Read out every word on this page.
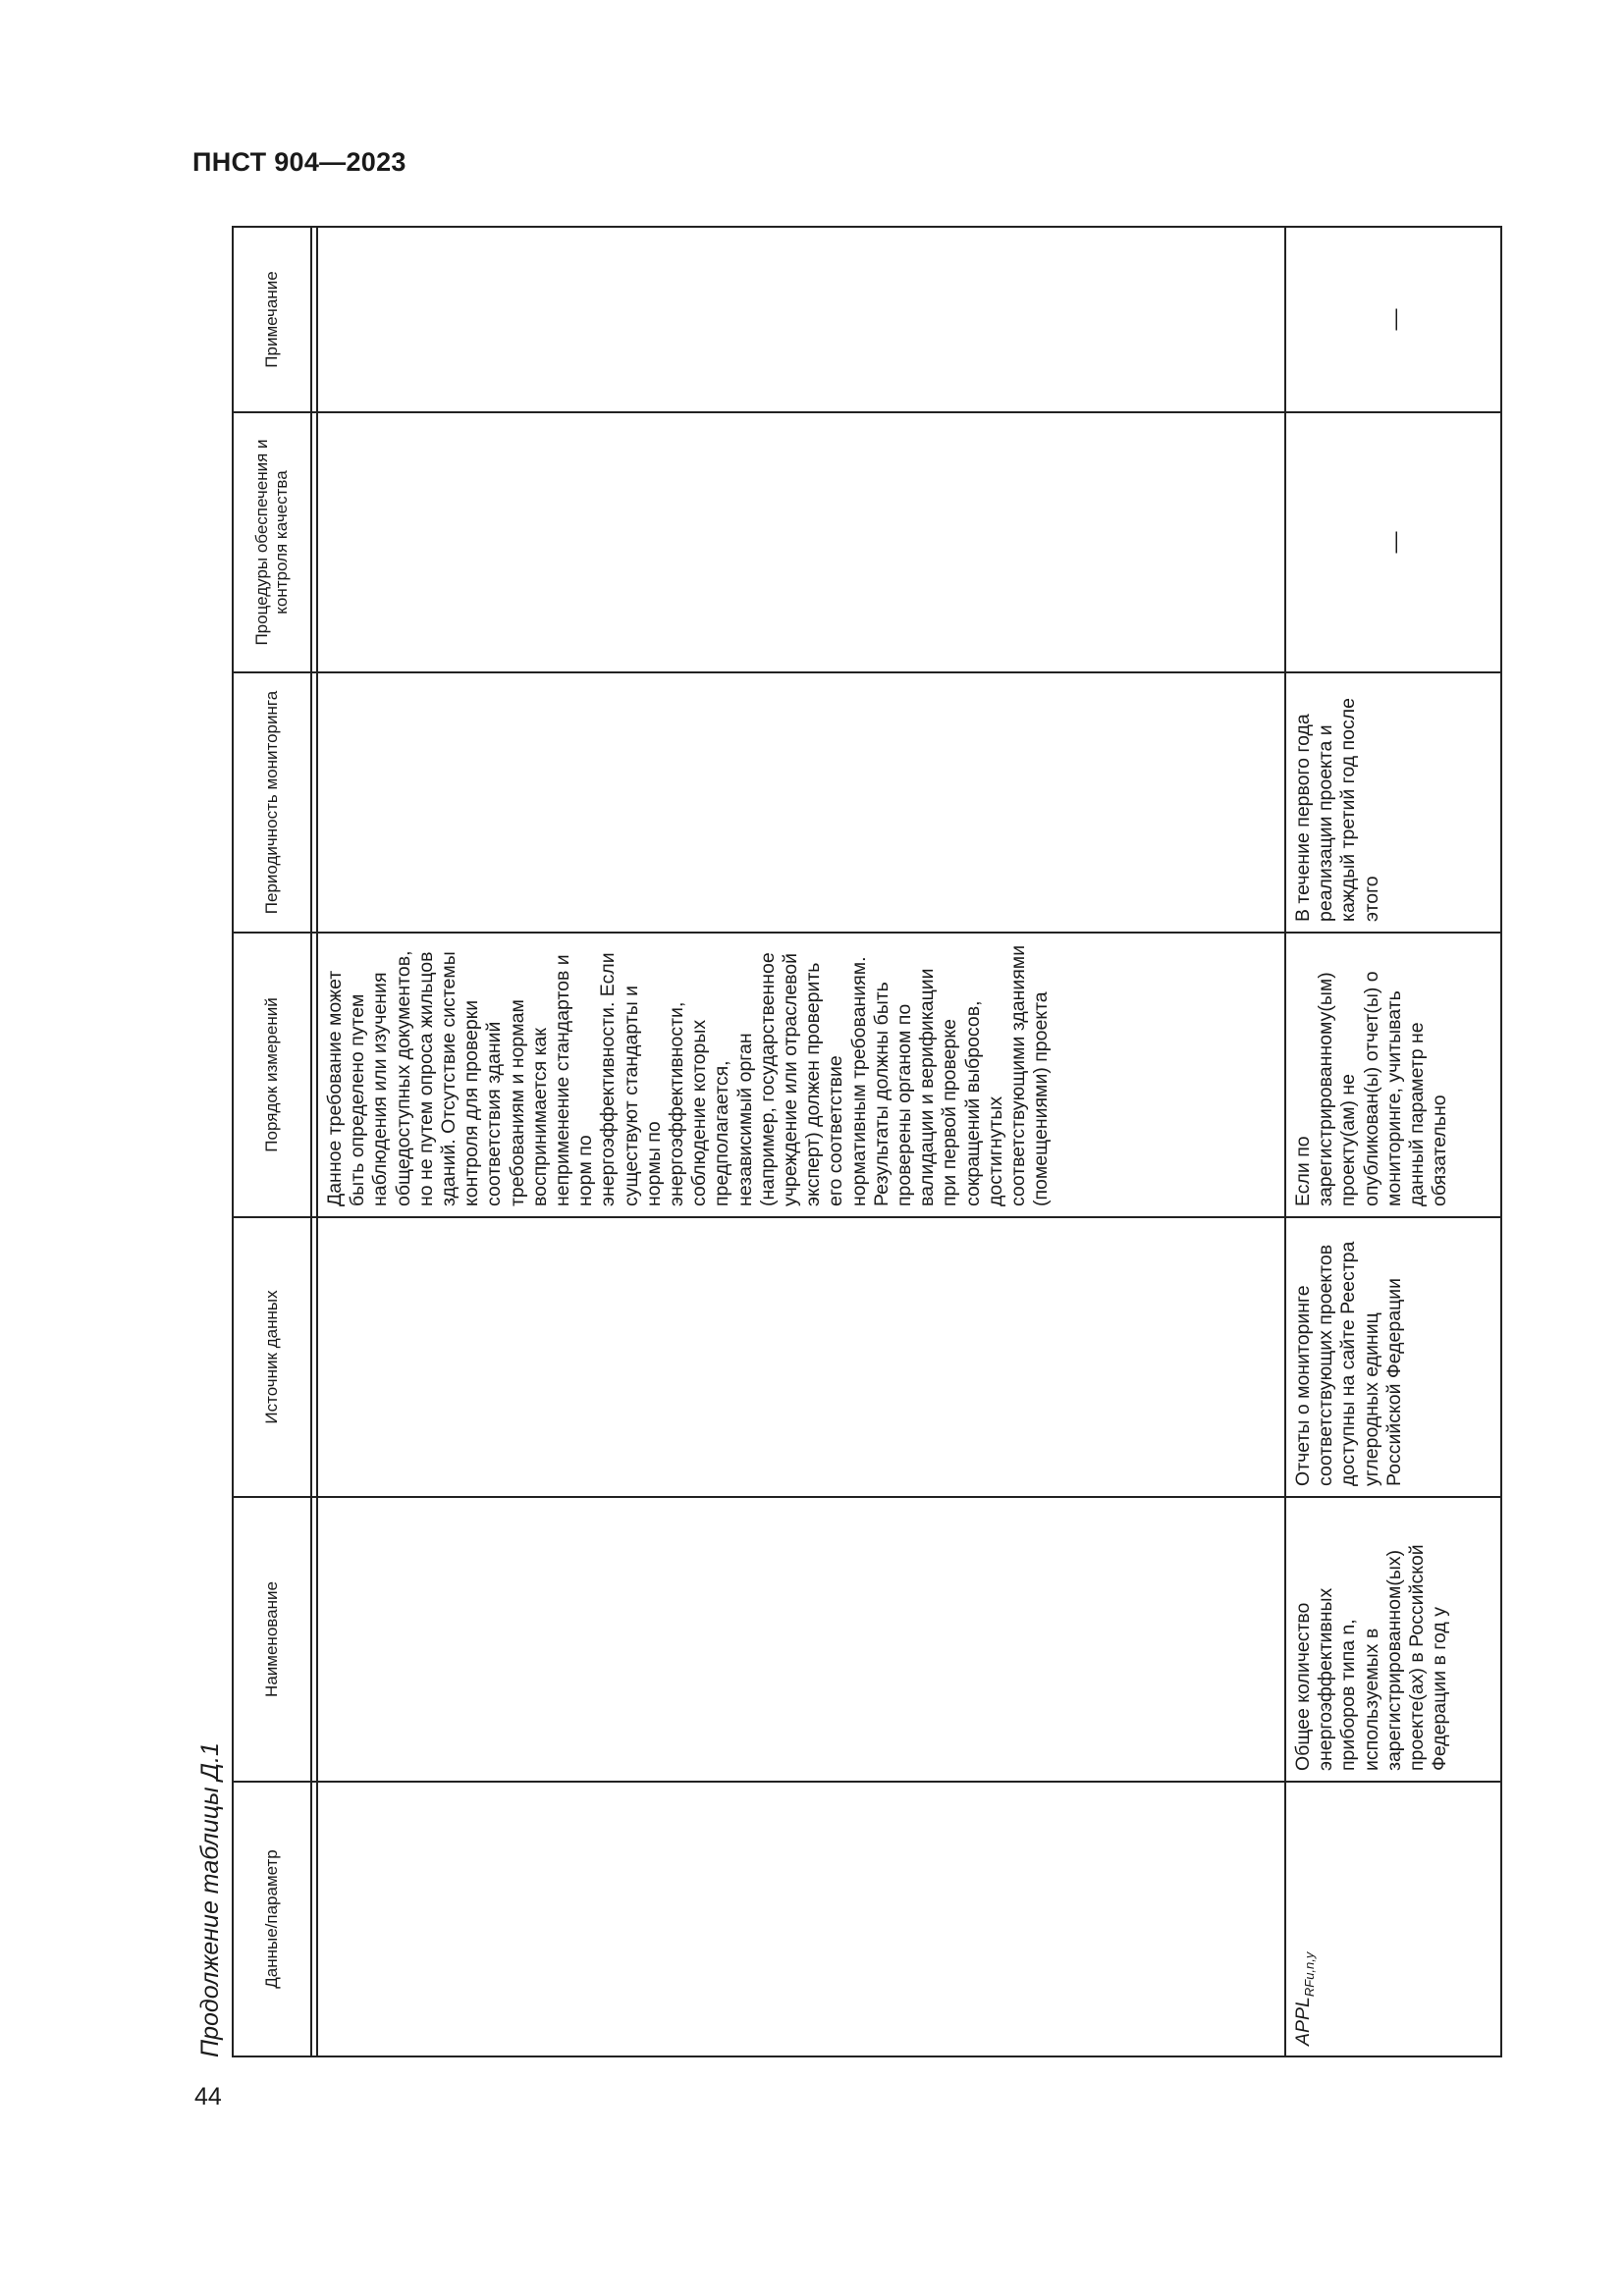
ПНСТ 904—2023
Продолжение таблицы Д.1 Данные/параметр	Наименование	Источник данных	Порядок измерений	Периодичность мониторинга	Процедуры обеспечения и контроля качества	Примечание

			Данное требование может быть определено путем наблюдения или изучения общедоступных документов, но не путем опроса жильцов зданий. Отсутствие системы контроля для проверки соответствия зданий требованиям и нормам воспринимается как неприменение стандартов и норм по энергоэффективности. Если существуют стандарты и нормы по энергоэффективности, соблюдение которых предполагается, независимый орган (например, государственное учреждение или отраслевой эксперт) должен проверить его соответствие нормативным требованиям. Результаты должны быть проверены органом по валидации и верификации при первой проверке сокращений выбросов, достигнутых соответствующими зданиями (помещениями) проекта			

$APPL_{RFu,n,y}$	Общее количество энергоэффективных приборов типа n, используемых в зарегистрированном(ых) проекте(ах) в Российской Федерации в год y	Отчеты о мониторинге соответствующих проектов доступны на сайте Реестра углеродных единиц Российской Федерации	Если по зарегистрированному(ым) проекту(ам) не опубликован(ы) отчет(ы) о мониторинге, учитывать данный параметр не обязательно	В течение первого года реализации проекта и каждый третий год после этого	—	—
44
